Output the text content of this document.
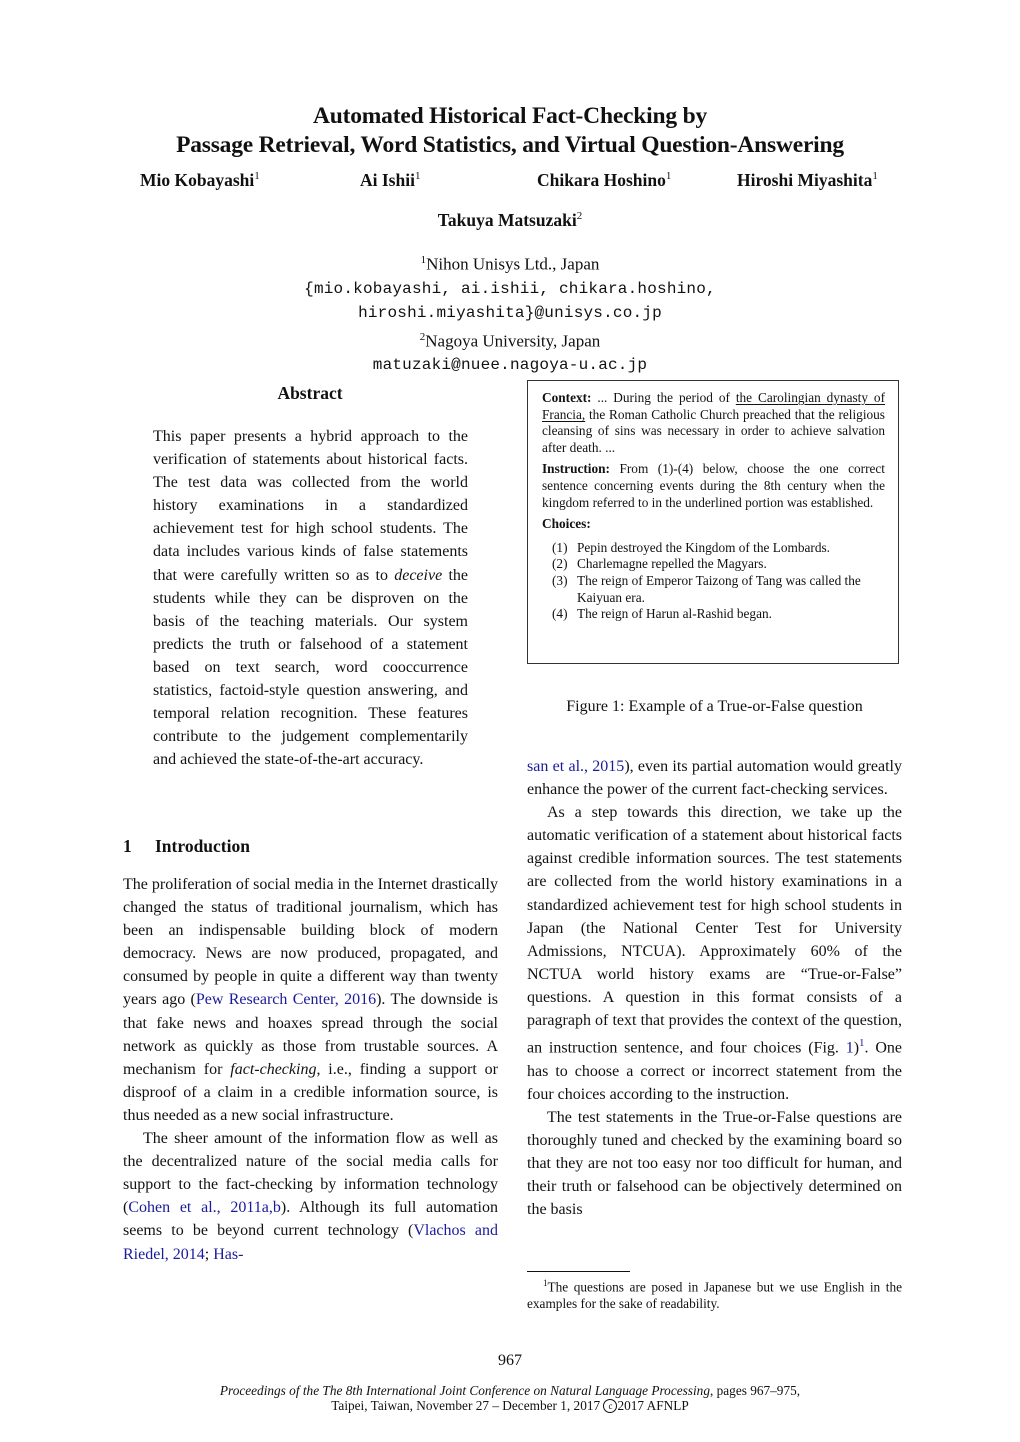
Automated Historical Fact-Checking by
Passage Retrieval, Word Statistics, and Virtual Question-Answering
Mio Kobayashi$^1$	Ai Ishii$^1$	Chikara Hoshino$^1$	Hiroshi Miyashita$^1$
Takuya Matsuzaki$^2$
$^1$Nihon Unisys Ltd., Japan
{mio.kobayashi, ai.ishii, chikara.hoshino,
hiroshi.miyashita}@unisys.co.jp
$^2$Nagoya University, Japan
matuzaki@nuee.nagoya-u.ac.jp
Abstract
This paper presents a hybrid approach to the verification of statements about historical facts. The test data was collected from the world history examinations in a standardized achievement test for high school students. The data includes various kinds of false statements that were carefully written so as to deceive the students while they can be disproven on the basis of the teaching materials. Our system predicts the truth or falsehood of a statement based on text search, word cooccurrence statistics, factoid-style question answering, and temporal relation recognition. These features contribute to the judgement complementarily and achieved the state-of-the-art accuracy.
1 Introduction

The proliferation of social media in the Internet drastically changed the status of traditional journalism, which has been an indispensable building block of modern democracy. News are now produced, propagated, and consumed by people in quite a different way than twenty years ago (Pew Research Center, 2016). The downside is that fake news and hoaxes spread through the social network as quickly as those from trustable sources. A mechanism for fact-checking, i.e., finding a support or disproof of a claim in a credible information source, is thus needed as a new social infrastructure.

The sheer amount of the information flow as well as the decentralized nature of the social media calls for support to the fact-checking by information technology (Cohen et al., 2011a,b). Although its full automation seems to be beyond current technology (Vlachos and Riedel, 2014; Has-

Context: ... During the period of the Carolingian dynasty of Francia, the Roman Catholic Church preached that the religious cleansing of sins was necessary in order to achieve salvation after death. ...
Instruction: From (1)-(4) below, choose the one correct sentence concerning events during the 8th century when the kingdom referred to in the underlined portion was established.
Choices:
(1) Pepin destroyed the Kingdom of the Lombards.
(2) Charlemagne repelled the Magyars.
(3) The reign of Emperor Taizong of Tang was called the Kaiyuan era.
(4) The reign of Harun al-Rashid began.
Figure 1: Example of a True-or-False question

san et al., 2015), even its partial automation would greatly enhance the power of the current fact-checking services.

As a step towards this direction, we take up the automatic verification of a statement about historical facts against credible information sources. The test statements are collected from the world history examinations in a standardized achievement test for high school students in Japan (the National Center Test for University Admissions, NTCUA). Approximately 60% of the NCTUA world history exams are “True-or-False” questions. A question in this format consists of a paragraph of text that provides the context of the question, an instruction sentence, and four choices (Fig. 1)$^1$. One has to choose a correct or incorrect statement from the four choices according to the instruction.

The test statements in the True-or-False questions are thoroughly tuned and checked by the examining board so that they are not too easy nor too difficult for human, and their truth or falsehood can be objectively determined on the basis

$^1$The questions are posed in Japanese but we use English in the examples for the sake of readability.

967
Proceedings of the The 8th International Joint Conference on Natural Language Processing, pages 967–975,
Taipei, Taiwan, November 27 – December 1, 2017 c 2017 AFNLP
